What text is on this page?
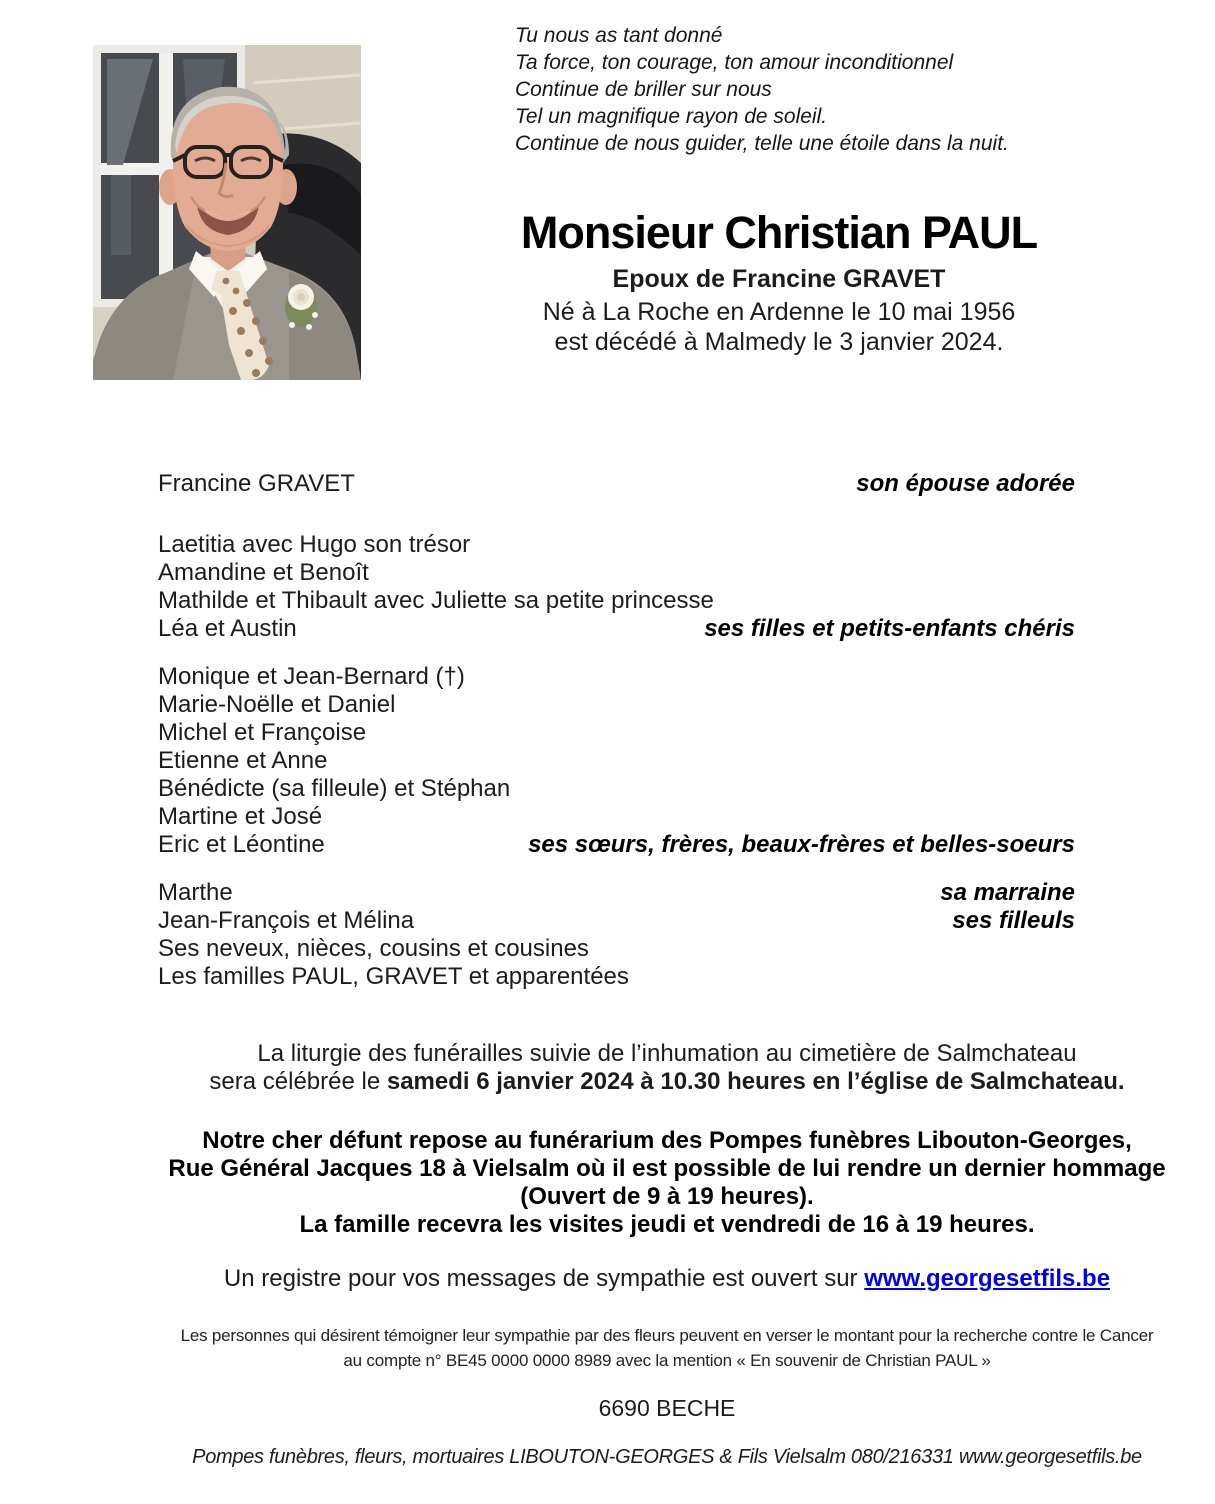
Tu nous as tant donné
Ta force, ton courage, ton amour inconditionnel
Continue de briller sur nous
Tel un magnifique rayon de soleil.
Continue de nous guider, telle une étoile dans la nuit.
Monsieur Christian PAUL
Epoux de Francine GRAVET
Né à La Roche en Ardenne le 10 mai 1956
est décédé à Malmedy le 3 janvier 2024.
Francine GRAVET	son épouse adorée
Laetitia avec Hugo son trésor
Amandine et Benoît
Mathilde et Thibault avec Juliette sa petite princesse
Léa et Austin	ses filles et petits-enfants chéris
Monique et Jean-Bernard (†)
Marie-Noëlle et Daniel
Michel et Françoise
Etienne et Anne
Bénédicte (sa filleule) et Stéphan
Martine et José
Eric et Léontine	ses sœurs, frères, beaux-frères et belles-soeurs
Marthe	sa marraine
Jean-François et Mélina	ses filleuls
Ses neveux, nièces, cousins et cousines
Les familles PAUL, GRAVET et apparentées
La liturgie des funérailles suivie de l’inhumation au cimetière de Salmchateau
sera célébrée le samedi 6 janvier 2024 à 10.30 heures en l’église de Salmchateau.
Notre cher défunt repose au funérarium des Pompes funèbres Libouton-Georges,
Rue Général Jacques 18 à Vielsalm où il est possible de lui rendre un dernier hommage
(Ouvert de 9 à 19 heures).
La famille recevra les visites jeudi et vendredi de 16 à 19 heures.
Un registre pour vos messages de sympathie est ouvert sur www.georgesetfils.be
Les personnes qui désirent témoigner leur sympathie par des fleurs peuvent en verser le montant pour la recherche contre le Cancer
au compte n° BE45 0000 0000 8989 avec la mention « En souvenir de Christian PAUL »
6690 BECHE
Pompes funèbres, fleurs, mortuaires LIBOUTON-GEORGES & Fils Vielsalm 080/216331 www.georgesetfils.be
